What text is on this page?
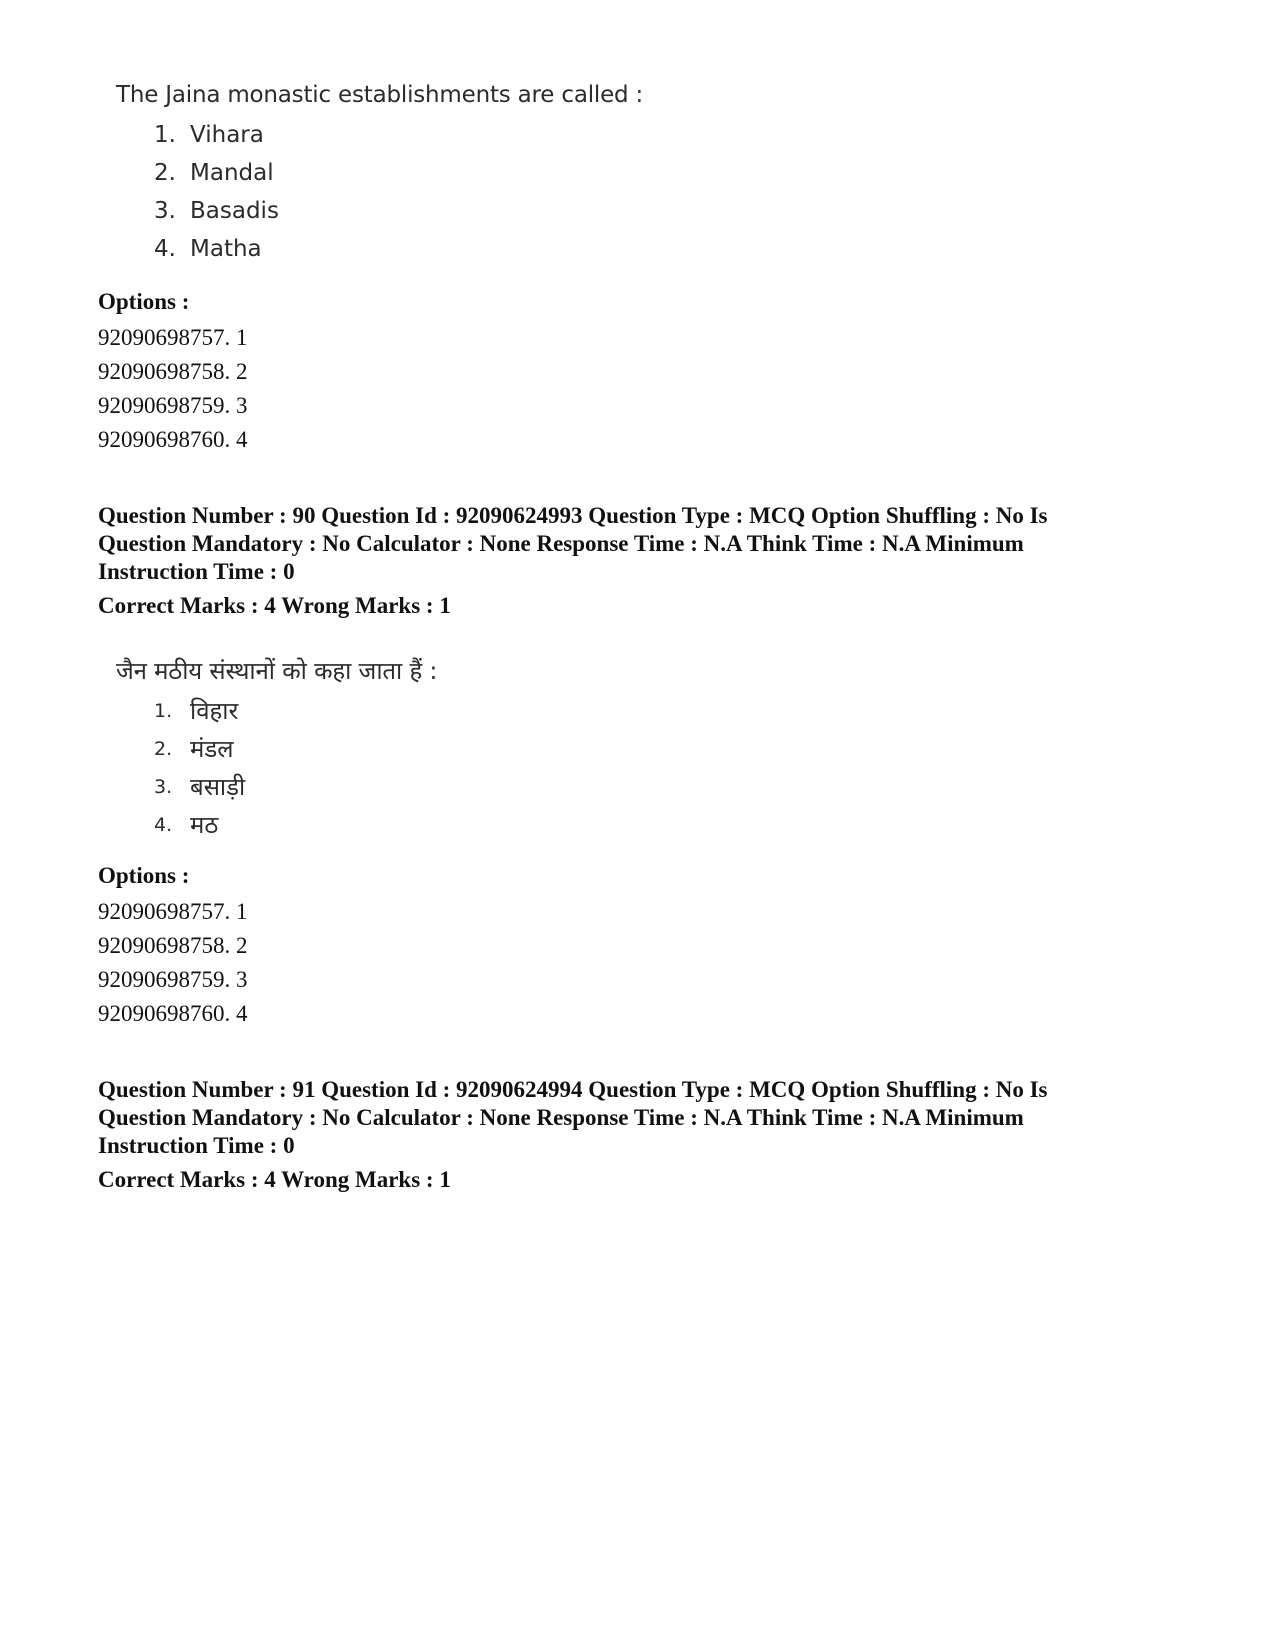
The Jaina monastic establishments are called :

1. Vihara
2. Mandal
3. Basadis
4. Matha

Options :

92090698757. 1

92090698758. 2

92090698759. 3

92090698760. 4

Question Number : 90 Question Id : 92090624993 Question Type : MCQ Option Shuffling : No Is

Question Mandatory : No Calculator : None Response Time : N.A Think Time : N.A Minimum

Instruction Time : 0

Correct Marks : 4 Wrong Marks : 1

जैन मठीय संस्थानों को कहा जाता हैं :

1. विहार
2. मंडल
3. बसाड़ी
4. मठ

Options :

92090698757. 1

92090698758. 2

92090698759. 3

92090698760. 4

Question Number : 91 Question Id : 92090624994 Question Type : MCQ Option Shuffling : No Is

Question Mandatory : No Calculator : None Response Time : N.A Think Time : N.A Minimum

Instruction Time : 0

Correct Marks : 4 Wrong Marks : 1
